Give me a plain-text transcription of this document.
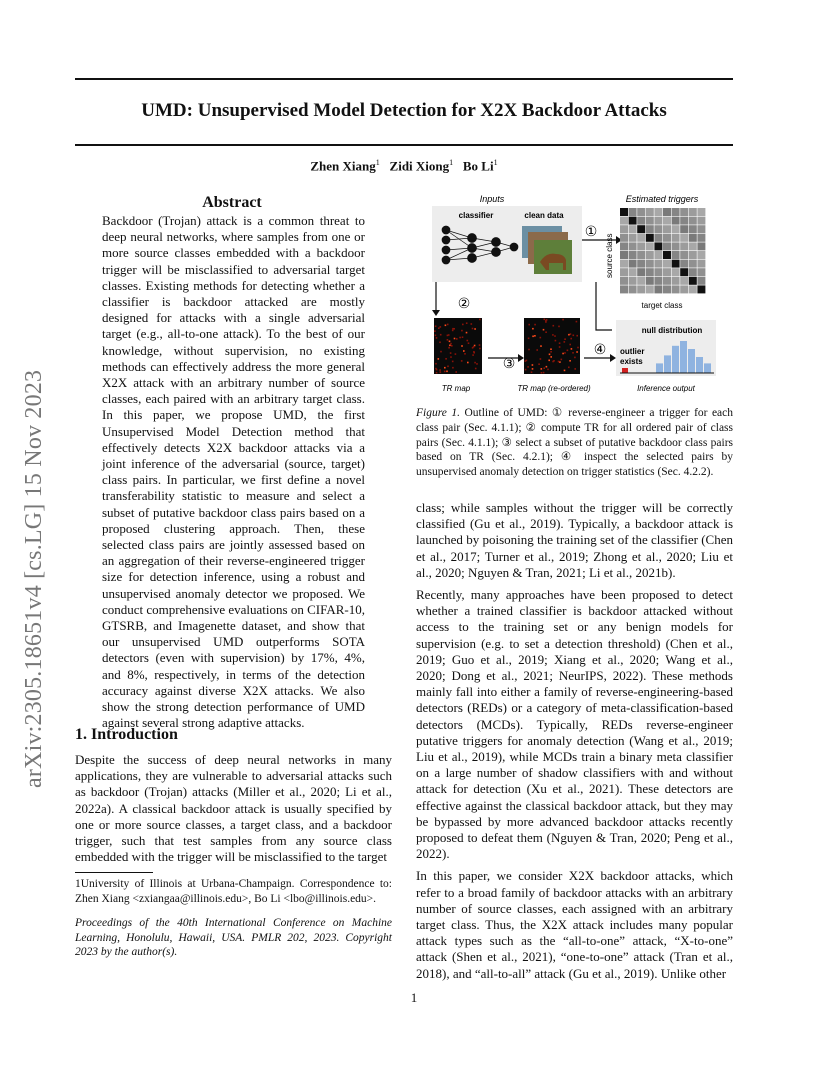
UMD: Unsupervised Model Detection for X2X Backdoor Attacks
Zhen Xiang$^1$ Zidi Xiong$^1$ Bo Li$^1$
arXiv:2305.18651v4 [cs.LG] 15 Nov 2023
Abstract

Backdoor (Trojan) attack is a common threat to deep neural networks, where samples from one or more source classes embedded with a backdoor trigger will be misclassified to adversarial target classes. Existing methods for detecting whether a classifier is backdoor attacked are mostly designed for attacks with a single adversarial target (e.g., all-to-one attack). To the best of our knowledge, without supervision, no existing methods can effectively address the more general X2X attack with an arbitrary number of source classes, each paired with an arbitrary target class. In this paper, we propose UMD, the first Unsupervised Model Detection method that effectively detects X2X backdoor attacks via a joint inference of the adversarial (source, target) class pairs. In particular, we first define a novel transferability statistic to measure and select a subset of putative backdoor class pairs based on a proposed clustering approach. Then, these selected class pairs are jointly assessed based on an aggregation of their reverse-engineered trigger size for detection inference, using a robust and unsupervised anomaly detector we proposed. We conduct comprehensive evaluations on CIFAR-10, GTSRB, and Imagenette dataset, and show that our unsupervised UMD outperforms SOTA detectors (even with supervision) by 17%, 4%, and 8%, respectively, in terms of the detection accuracy against diverse X2X attacks. We also show the strong detection performance of UMD against several strong adaptive attacks.

1. Introduction

Despite the success of deep neural networks in many applications, they are vulnerable to adversarial attacks such as backdoor (Trojan) attacks (Miller et al., 2020; Li et al., 2022a). A classical backdoor attack is usually specified by one or more source classes, a target class, and a backdoor trigger, such that test samples from any source class embedded with the trigger will be misclassified to the target

1University of Illinois at Urbana-Champaign. Correspondence to: Zhen Xiang <zxiangaa@illinois.edu>, Bo Li <lbo@illinois.edu>.

Proceedings of the 40th International Conference on Machine Learning, Honolulu, Hawaii, USA. PMLR 202, 2023. Copyright 2023 by the author(s).

Inputs	Estimated triggers
classifier	clean data
①
source class
target class
②
③
④
null distribution
outlier
exists
TR map	TR map (re-ordered)	Inference output

Figure 1. Outline of UMD: ① reverse-engineer a trigger for each class pair (Sec. 4.1.1); ② compute TR for all ordered pair of class pairs (Sec. 4.1.1); ③ select a subset of putative backdoor class pairs based on TR (Sec. 4.2.1); ④ inspect the selected pairs by unsupervised anomaly detection on trigger statistics (Sec. 4.2.2).

class; while samples without the trigger will be correctly classified (Gu et al., 2019). Typically, a backdoor attack is launched by poisoning the training set of the classifier (Chen et al., 2017; Turner et al., 2019; Zhong et al., 2020; Liu et al., 2020; Nguyen & Tran, 2021; Li et al., 2021b).

Recently, many approaches have been proposed to detect whether a trained classifier is backdoor attacked without access to the training set or any benign models for supervision (e.g. to set a detection threshold) (Chen et al., 2019; Guo et al., 2019; Xiang et al., 2020; Wang et al., 2020; Dong et al., 2021; NeurIPS, 2022). These methods mainly fall into either a family of reverse-engineering-based detectors (REDs) or a category of meta-classification-based detectors (MCDs). Typically, REDs reverse-engineer putative triggers for anomaly detection (Wang et al., 2019; Liu et al., 2019), while MCDs train a binary meta classifier on a large number of shadow classifiers with and without attack for detection (Xu et al., 2021). These detectors are effective against the classical backdoor attack, but they may be bypassed by more advanced backdoor attacks recently proposed to defeat them (Nguyen & Tran, 2020; Peng et al., 2022).

In this paper, we consider X2X backdoor attacks, which refer to a broad family of backdoor attacks with an arbitrary number of source classes, each assigned with an arbitrary target class. Thus, the X2X attack includes many popular attack types such as the “all-to-one” attack, “X-to-one” attack (Shen et al., 2021), “one-to-one” attack (Tran et al., 2018), and “all-to-all” attack (Gu et al., 2019). Unlike other

1
